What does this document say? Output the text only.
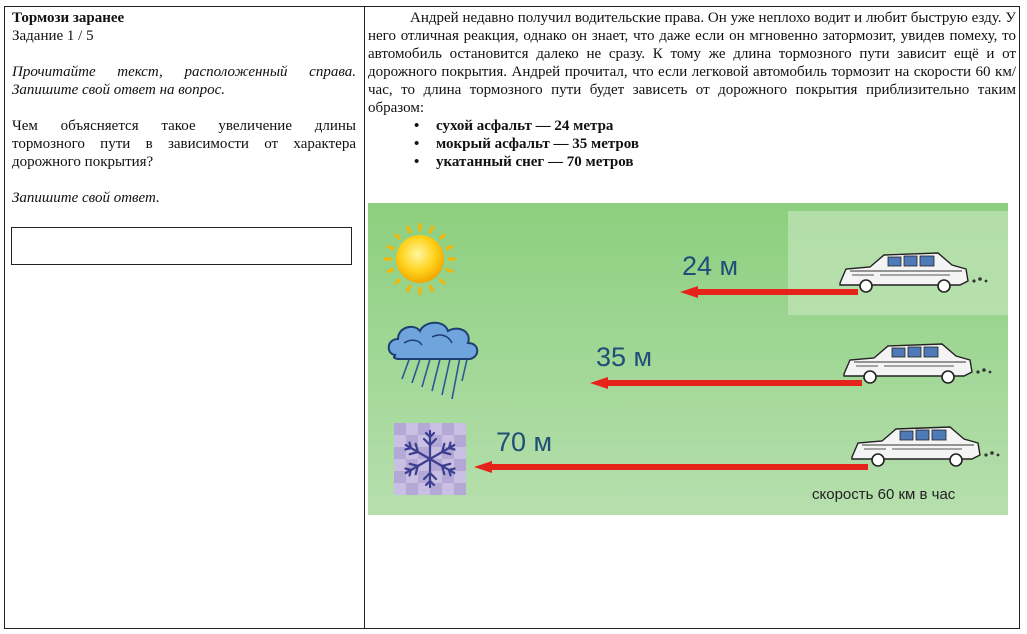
Тормози заранее

Задание 1 / 5

Прочитайте текст, расположенный справа. Запишите свой ответ на вопрос.

Чем объясняется такое увеличение длины тормозного пути в зависимости от характера дорожного покрытия?

Запишите свой ответ.

Андрей недавно получил водительские права. Он уже неплохо водит и любит быструю езду. У него отличная реакция, однако он знает, что даже если он мгновенно затормозит, увидев помеху, то автомобиль остановится далеко не сразу. К тому же длина тормозного пути зависит ещё и от дорожного покрытия. Андрей прочитал, что если легковой автомобиль тормозит на скорости 60 км/час, то длина тормозного пути будет зависеть от дорожного покрытия приблизительно таким образом:

• сухой асфальт — 24 метра
• мокрый асфальт — 35 метров
• укатанный снег — 70 метров
24 м
35 м
70 м
скорость 60 км в час
